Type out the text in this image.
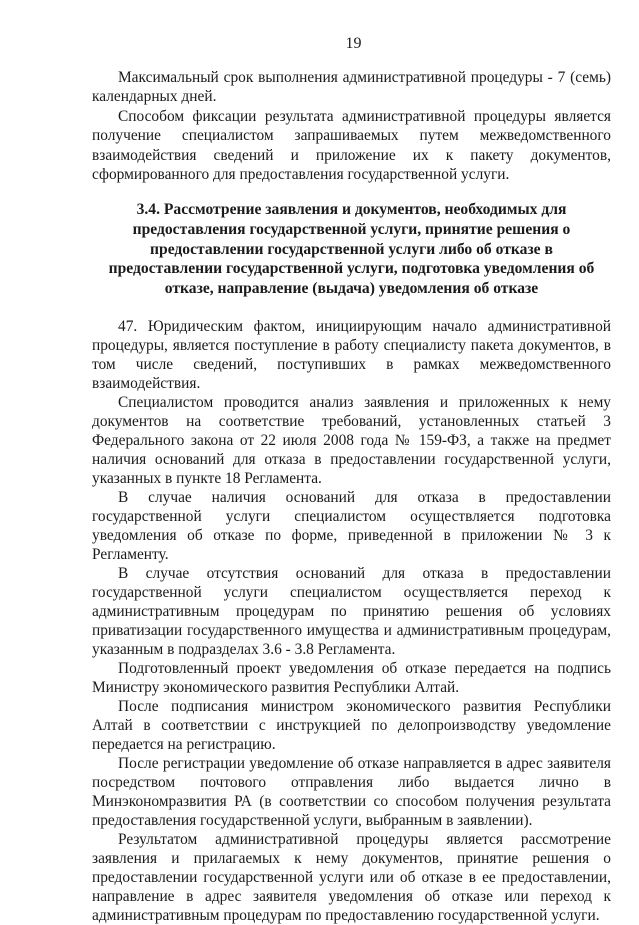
19

Максимальный срок выполнения административной процедуры - 7 (семь) календарных дней.

Способом фиксации результата административной процедуры является получение специалистом запрашиваемых путем межведомственного взаимодействия сведений и приложение их к пакету документов, сформированного для предоставления государственной услуги.

3.4. Рассмотрение заявления и документов, необходимых для предоставления государственной услуги, принятие решения о предоставлении государственной услуги либо об отказе в предоставлении государственной услуги, подготовка уведомления об отказе, направление (выдача) уведомления об отказе

47. Юридическим фактом, инициирующим начало административной процедуры, является поступление в работу специалисту пакета документов, в том числе сведений, поступивших в рамках межведомственного взаимодействия.

Специалистом проводится анализ заявления и приложенных к нему документов на соответствие требований, установленных статьей 3 Федерального закона от 22 июля 2008 года № 159-ФЗ, а также на предмет наличия оснований для отказа в предоставлении государственной услуги, указанных в пункте 18 Регламента.

В случае наличия оснований для отказа в предоставлении государственной услуги специалистом осуществляется подготовка уведомления об отказе по форме, приведенной в приложении № 3 к Регламенту.

В случае отсутствия оснований для отказа в предоставлении государственной услуги специалистом осуществляется переход к административным процедурам по принятию решения об условиях приватизации государственного имущества и административным процедурам, указанным в подразделах 3.6 - 3.8 Регламента.

Подготовленный проект уведомления об отказе передается на подпись Министру экономического развития Республики Алтай.

После подписания министром экономического развития Республики Алтай в соответствии с инструкцией по делопроизводству уведомление передается на регистрацию.

После регистрации уведомление об отказе направляется в адрес заявителя посредством почтового отправления либо выдается лично в Минэкономразвития РА (в соответствии со способом получения результата предоставления государственной услуги, выбранным в заявлении).

Результатом административной процедуры является рассмотрение заявления и прилагаемых к нему документов, принятие решения о предоставлении государственной услуги или об отказе в ее предоставлении, направление в адрес заявителя уведомления об отказе или переход к административным процедурам по предоставлению государственной услуги.
